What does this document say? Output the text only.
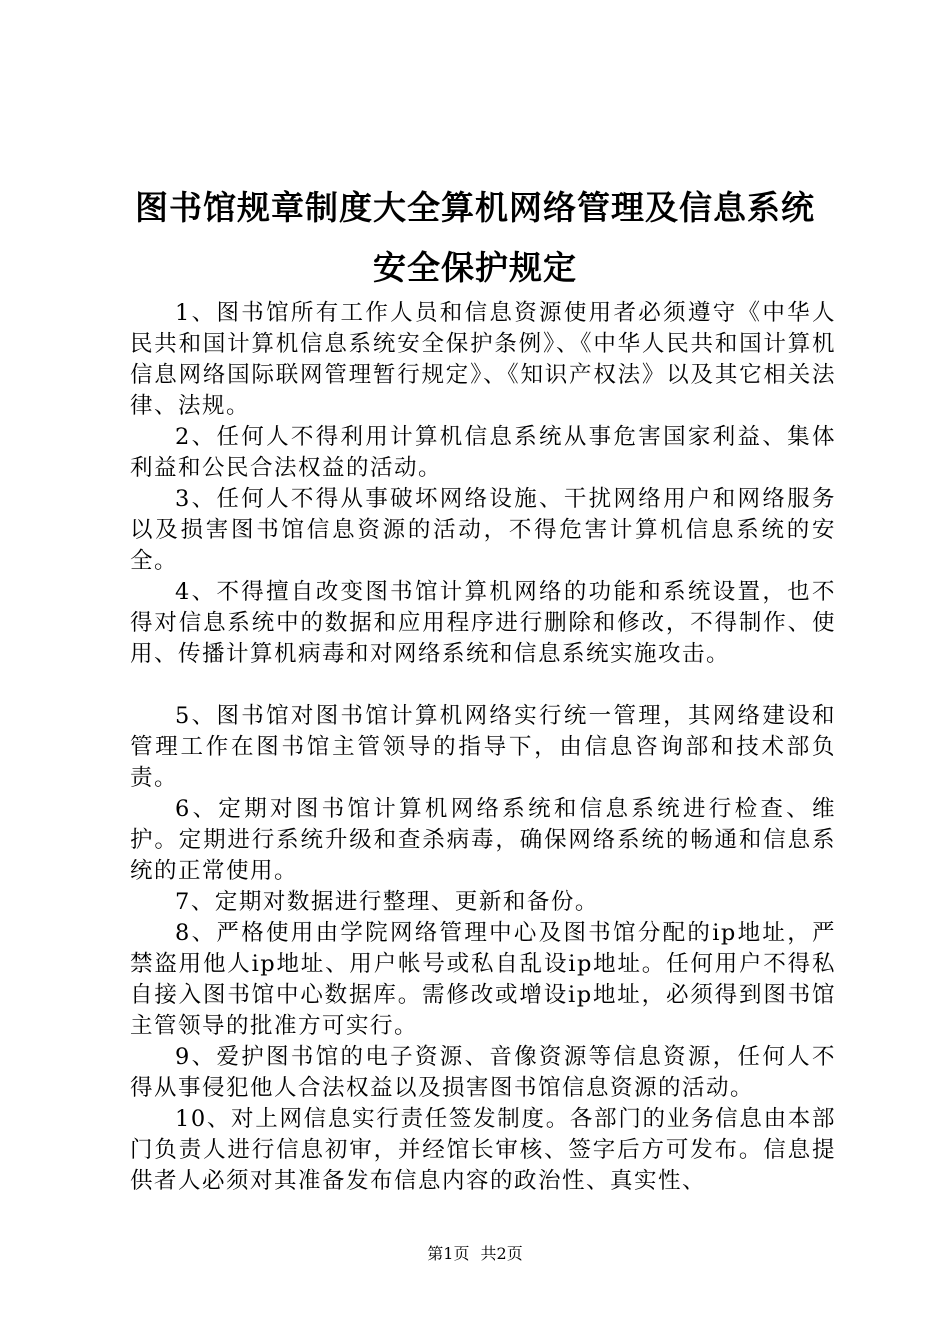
图书馆规章制度大全算机网络管理及信息系统
安全保护规定

1、图书馆所有工作人员和信息资源使用者必须遵守《中华人民共和国计算机信息系统安全保护条例》、《中华人民共和国计算机信息网络国际联网管理暂行规定》、《知识产权法》以及其它相关法律、法规。

2、任何人不得利用计算机信息系统从事危害国家利益、集体利益和公民合法权益的活动。

3、任何人不得从事破坏网络设施、干扰网络用户和网络服务以及损害图书馆信息资源的活动，不得危害计算机信息系统的安全。

4、不得擅自改变图书馆计算机网络的功能和系统设置，也不得对信息系统中的数据和应用程序进行删除和修改，不得制作、使用、传播计算机病毒和对网络系统和信息系统实施攻击。

5、图书馆对图书馆计算机网络实行统一管理，其网络建设和管理工作在图书馆主管领导的指导下，由信息咨询部和技术部负责。

6、定期对图书馆计算机网络系统和信息系统进行检查、维护。定期进行系统升级和查杀病毒，确保网络系统的畅通和信息系统的正常使用。

7、定期对数据进行整理、更新和备份。

8、严格使用由学院网络管理中心及图书馆分配的ip地址，严禁盗用他人ip地址、用户帐号或私自乱设ip地址。任何用户不得私自接入图书馆中心数据库。需修改或增设ip地址，必须得到图书馆主管领导的批准方可实行。

9、爱护图书馆的电子资源、音像资源等信息资源，任何人不得从事侵犯他人合法权益以及损害图书馆信息资源的活动。

10、对上网信息实行责任签发制度。各部门的业务信息由本部门负责人进行信息初审，并经馆长审核、签字后方可发布。信息提供者人必须对其准备发布信息内容的政治性、真实性、

第1页 共2页
